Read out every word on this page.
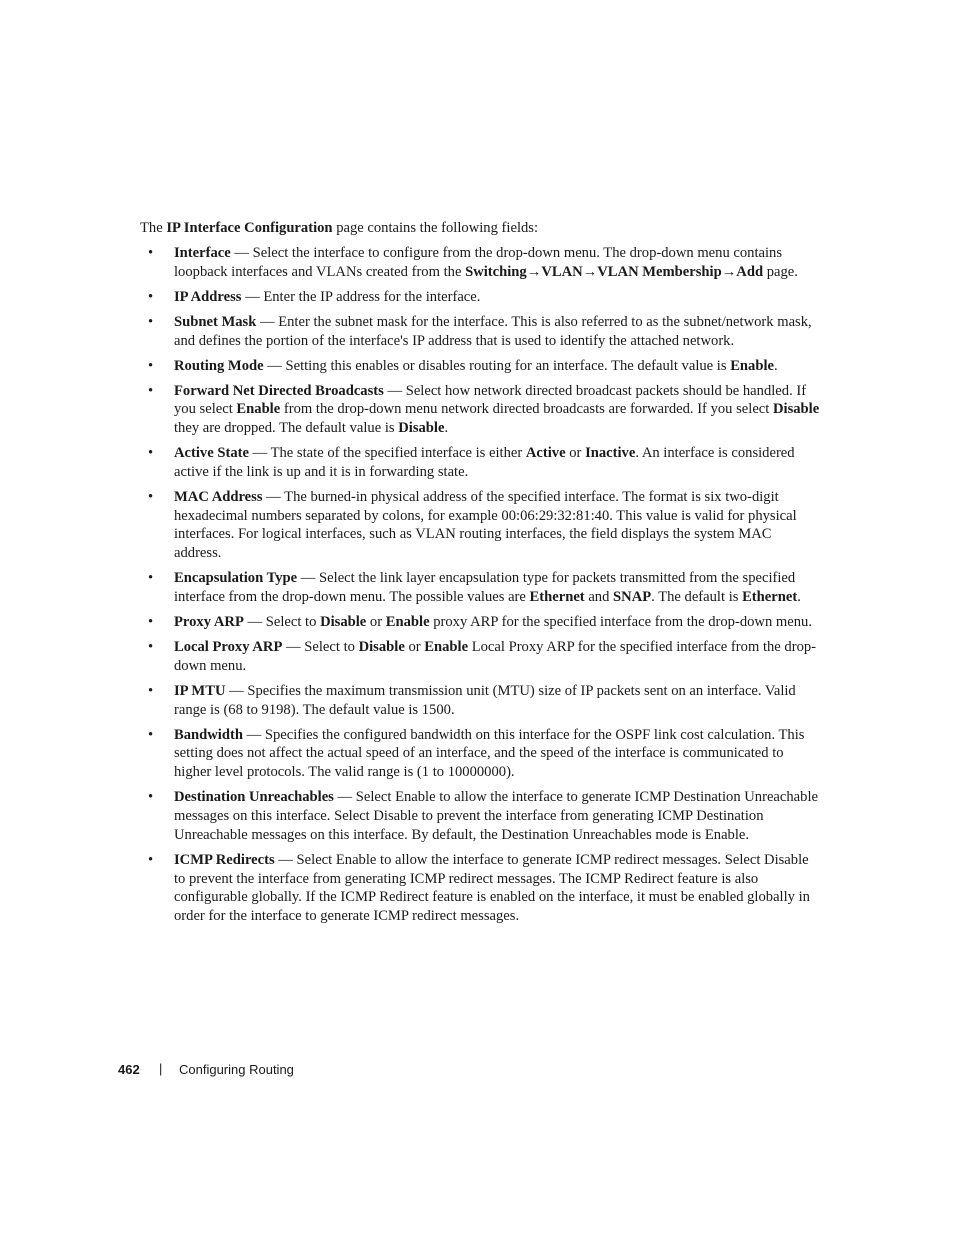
The IP Interface Configuration page contains the following fields:

• Interface — Select the interface to configure from the drop-down menu. The drop-down menu contains loopback interfaces and VLANs created from the Switching→VLAN→VLAN Membership→Add page.
• IP Address — Enter the IP address for the interface.
• Subnet Mask — Enter the subnet mask for the interface. This is also referred to as the subnet/network mask, and defines the portion of the interface's IP address that is used to identify the attached network.
• Routing Mode — Setting this enables or disables routing for an interface. The default value is Enable.
• Forward Net Directed Broadcasts — Select how network directed broadcast packets should be handled. If you select Enable from the drop-down menu network directed broadcasts are forwarded. If you select Disable they are dropped. The default value is Disable.
• Active State — The state of the specified interface is either Active or Inactive. An interface is considered active if the link is up and it is in forwarding state.
• MAC Address — The burned-in physical address of the specified interface. The format is six two-digit hexadecimal numbers separated by colons, for example 00:06:29:32:81:40. This value is valid for physical interfaces. For logical interfaces, such as VLAN routing interfaces, the field displays the system MAC address.
• Encapsulation Type — Select the link layer encapsulation type for packets transmitted from the specified interface from the drop-down menu. The possible values are Ethernet and SNAP. The default is Ethernet.
• Proxy ARP — Select to Disable or Enable proxy ARP for the specified interface from the drop-down menu.
• Local Proxy ARP — Select to Disable or Enable Local Proxy ARP for the specified interface from the drop-down menu.
• IP MTU — Specifies the maximum transmission unit (MTU) size of IP packets sent on an interface. Valid range is (68 to 9198). The default value is 1500.
• Bandwidth — Specifies the configured bandwidth on this interface for the OSPF link cost calculation. This setting does not affect the actual speed of an interface, and the speed of the interface is communicated to higher level protocols. The valid range is (1 to 10000000).
• Destination Unreachables — Select Enable to allow the interface to generate ICMP Destination Unreachable messages on this interface. Select Disable to prevent the interface from generating ICMP Destination Unreachable messages on this interface. By default, the Destination Unreachables mode is Enable.
• ICMP Redirects — Select Enable to allow the interface to generate ICMP redirect messages. Select Disable to prevent the interface from generating ICMP redirect messages. The ICMP Redirect feature is also configurable globally. If the ICMP Redirect feature is enabled on the interface, it must be enabled globally in order for the interface to generate ICMP redirect messages.
462 | Configuring Routing
